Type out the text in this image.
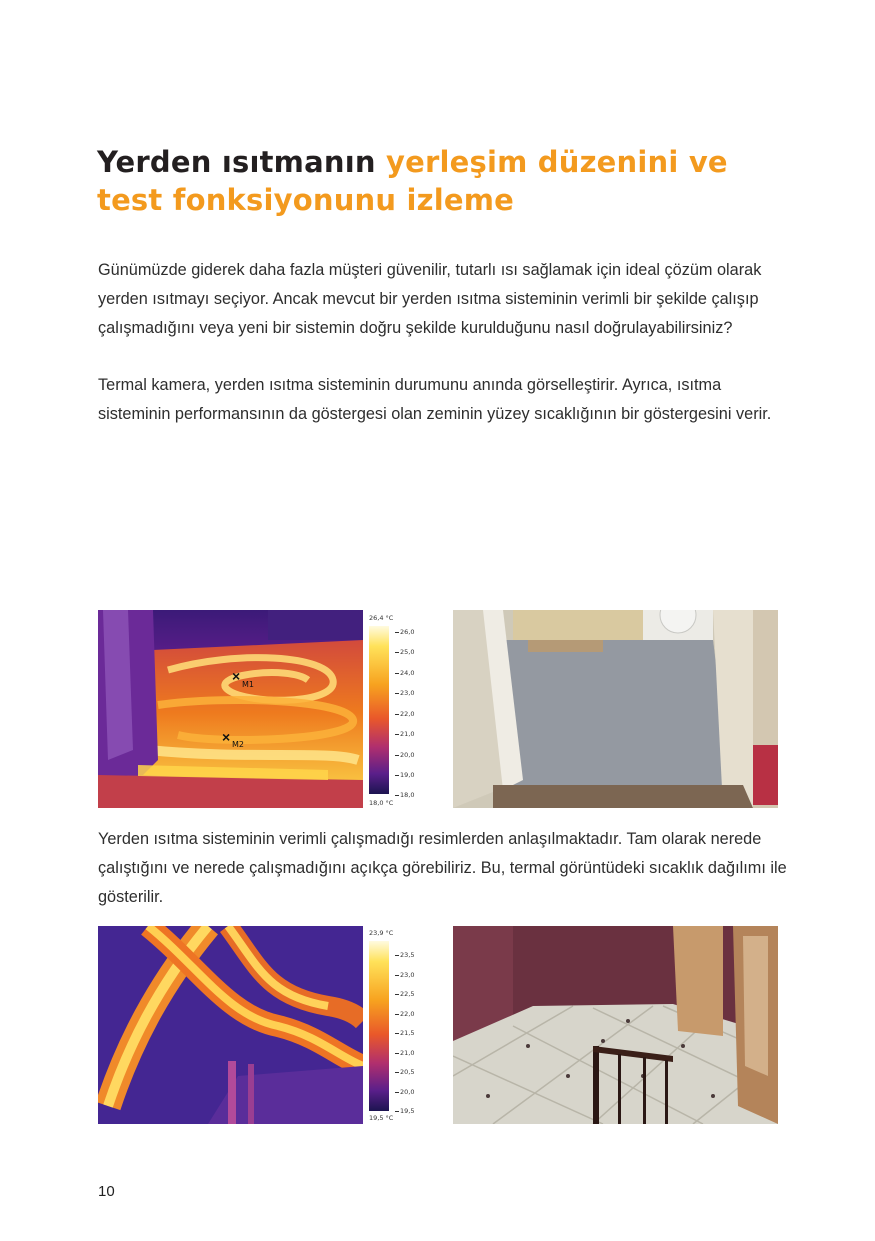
Yerden ısıtmanın yerleşim düzenini ve
test fonksiyonunu izleme

Günümüzde giderek daha fazla müşteri güvenilir, tutarlı ısı sağlamak için ideal çözüm olarak yerden ısıtmayı seçiyor. Ancak mevcut bir yerden ısıtma sisteminin verimli bir şekilde çalışıp çalışmadığını veya yeni bir sistemin doğru şekilde kurulduğunu nasıl doğrulayabilirsiniz?

Termal kamera, yerden ısıtma sisteminin durumunu anında görselleştirir. Ayrıca, ısıtma sisteminin performansının da göstergesi olan zeminin yüzey sıcaklığının bir göstergesini verir.

×
M1
× M2
26,4 °C
26,0
25,0
24,0
23,0
22,0
21,0
20,0
19,0
18,0
18,0 °C

Yerden ısıtma sisteminin verimli çalışmadığı resimlerden anlaşılmaktadır. Tam olarak nerede çalıştığını ve nerede çalışmadığını açıkça görebiliriz. Bu, termal görüntüdeki sıcaklık dağılımı ile gösterilir.

23,9 °C
23,5
23,0
22,5
22,0
21,5
21,0
20,5
20,0
19,5
19,5 °C
10
